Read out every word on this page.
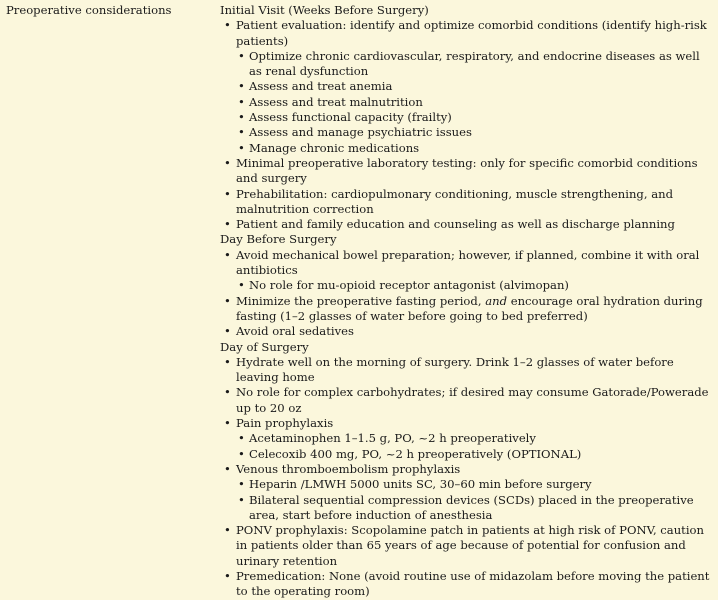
Preoperative considerations	Initial Visit (Weeks Before Surgery)
• Patient evaluation: identify and optimize comorbid conditions (identify high-risk patients)
• Optimize chronic cardiovascular, respiratory, and endocrine diseases as well as renal dysfunction
• Assess and treat anemia
• Assess and treat malnutrition
• Assess functional capacity (frailty)
• Assess and manage psychiatric issues
• Manage chronic medications
• Minimal preoperative laboratory testing: only for specific comorbid conditions and surgery
• Prehabilitation: cardiopulmonary conditioning, muscle strengthening, and malnutrition correction
• Patient and family education and counseling as well as discharge planning
Day Before Surgery
• Avoid mechanical bowel preparation; however, if planned, combine it with oral antibiotics
• No role for mu-opioid receptor antagonist (alvimopan)
• Minimize the preoperative fasting period, and encourage oral hydration during fasting (1–2 glasses of water before going to bed preferred)
• Avoid oral sedatives
Day of Surgery
• Hydrate well on the morning of surgery. Drink 1–2 glasses of water before leaving home
• No role for complex carbohydrates; if desired may consume Gatorade/Powerade up to 20 oz
• Pain prophylaxis
• Acetaminophen 1–1.5 g, PO, ~2 h preoperatively
• Celecoxib 400 mg, PO, ~2 h preoperatively (OPTIONAL)
• Venous thromboembolism prophylaxis
• Heparin /LMWH 5000 units SC, 30–60 min before surgery
• Bilateral sequential compression devices (SCDs) placed in the preoperative area, start before induction of anesthesia
• PONV prophylaxis: Scopolamine patch in patients at high risk of PONV, caution in patients older than 65 years of age because of potential for confusion and urinary retention
• Premedication: None (avoid routine use of midazolam before moving the patient to the operating room)
